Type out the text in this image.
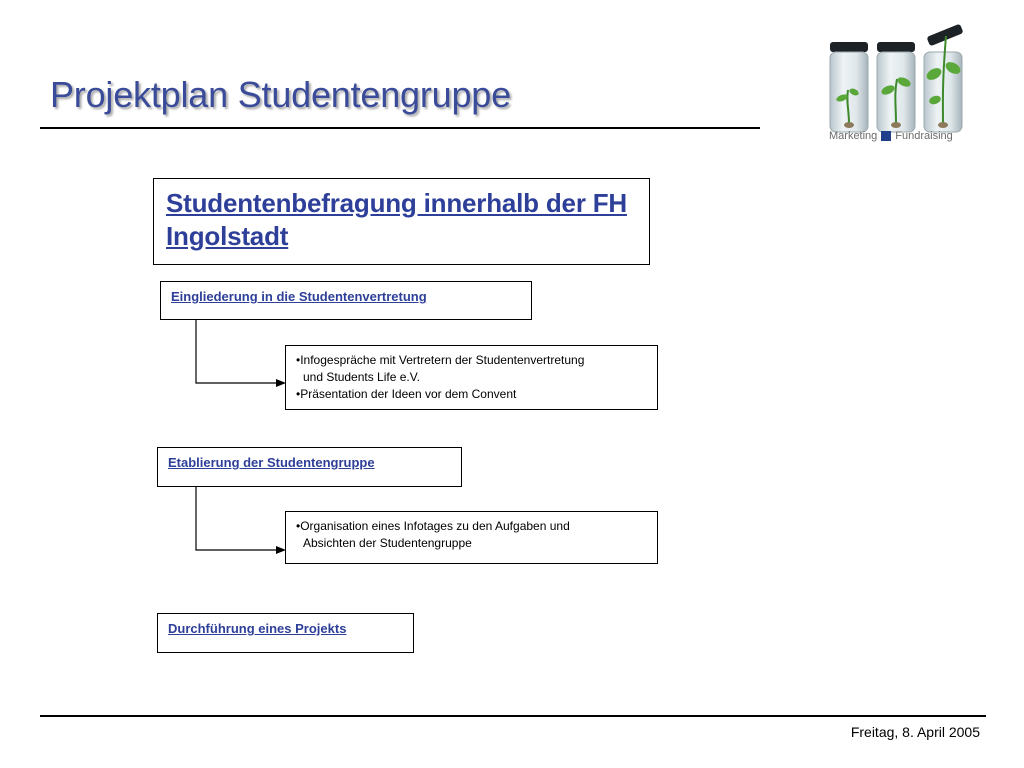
Projektplan Studentengruppe
Marketing Fundraising

Studentenbefragung innerhalb der FH Ingolstadt

Eingliederung in die Studentenvertretung

•Infogespräche mit Vertretern der Studentenvertretung

und Students Life e.V.

•Präsentation der Ideen vor dem Convent

Etablierung der Studentengruppe

•Organisation eines Infotages zu den Aufgaben und

Absichten der Studentengruppe

Durchführung eines Projekts
Freitag, 8. April 2005
